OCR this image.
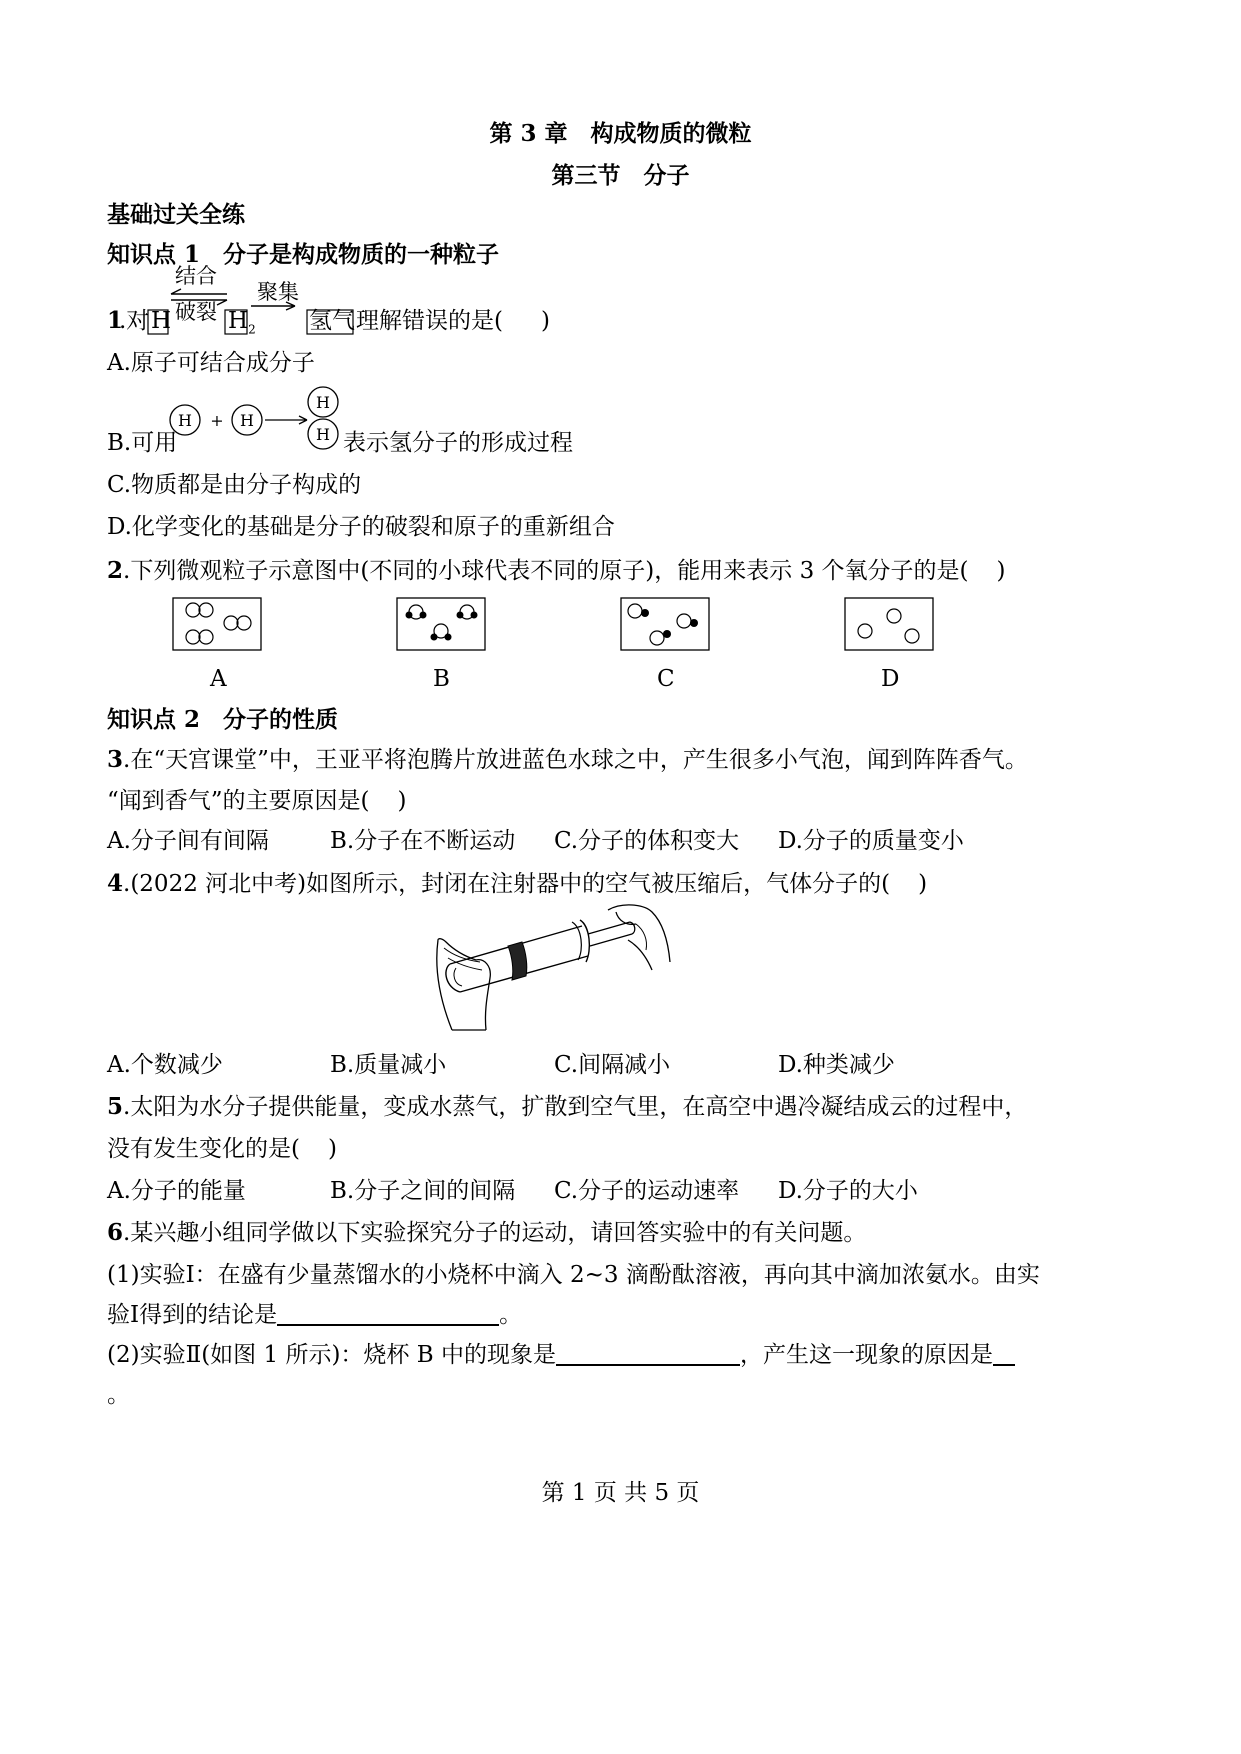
第 3 章　构成物质的微粒
第三节　分子
基础过关全练
知识点 1　分子是构成物质的一种粒子
1
.对 H
结合
破裂 $H_2$
聚集
氢气 理解错误的是( )
A.原子可结合成分子
B.可用
H + H
H
H 表示氢分子的形成过程
C.物质都是由分子构成的
D.化学变化的基础是分子的破裂和原子的重新组合
2.下列微观粒子示意图中(不同的小球代表不同的原子)，能用来表示 3 个氧分子的是( )
A	B	C	D
知识点 2　分子的性质
3.在“天宫课堂”中，王亚平将泡腾片放进蓝色水球之中，产生很多小气泡，闻到阵阵香气。
“闻到香气”的主要原因是( )
A.分子间有间隔	B.分子在不断运动 C.分子的体积变大 D.分子的质量变小
4.(2022 河北中考)如图所示，封闭在注射器中的空气被压缩后，气体分子的( )
A.个数减少	B.质量减小	C.间隔减小	D.种类减少
5.太阳为水分子提供能量，变成水蒸气，扩散到空气里，在高空中遇冷凝结成云的过程中，
没有发生变化的是( )
A.分子的能量	B.分子之间的间隔 C.分子的运动速率 D.分子的大小
6.某兴趣小组同学做以下实验探究分子的运动，请回答实验中的有关问题。
(1)实验Ⅰ：在盛有少量蒸馏水的小烧杯中滴入 2~3 滴酚酞溶液，再向其中滴加浓氨水。由实
验Ⅰ得到的结论是	。
(2)实验Ⅱ(如图 1 所示)：烧杯 B 中的现象是	，产生这一现象的原因是
。
第 1 页 共 5 页
